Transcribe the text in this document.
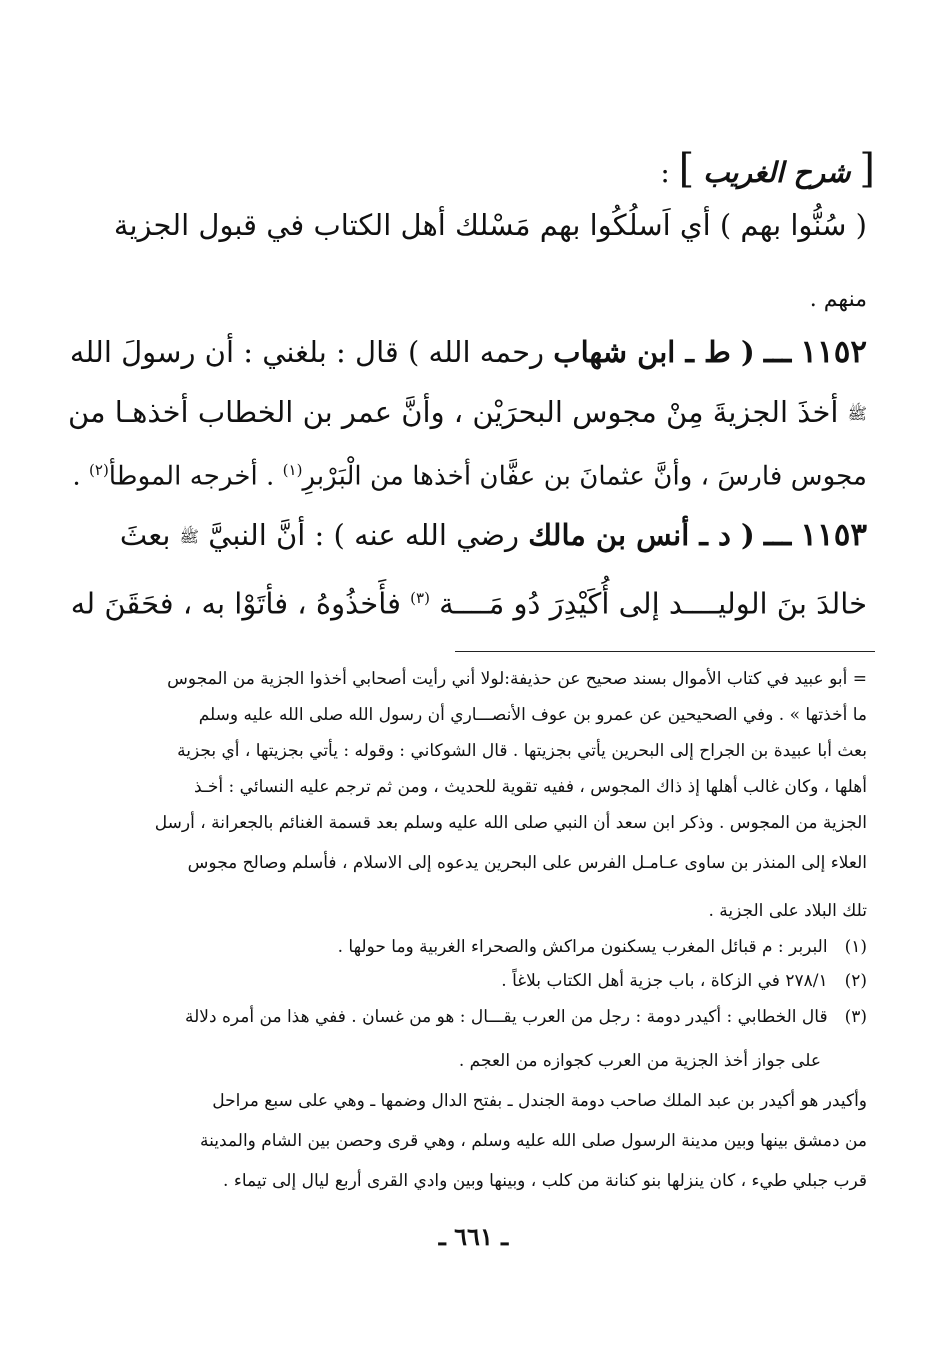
[ شرح الغريب ] :
( سُنُّوا بهم ) أي اَسلُكُوا بهم مَسْلك أهل الكتاب في قبول الجزية
منهم .
١١٥٢ ـــ ( ط ـ ابن شهاب رحمه الله ) قال : بلغني : أن رسولَ الله
ﷺ أخذَ الجزيةَ مِنْ مجوس البحرَيْن ، وأنَّ عمر بن الخطاب أخذهـا من
مجوس فارسَ ، وأنَّ عثمانَ بن عفَّان أخذها من الْبَرْبرِ$^{(١)}$ . أخرجه الموطأ$^{(٢)}$ .
١١٥٣ ـــ ( د ـ أنس بن مالك رضي الله عنه ) : أنَّ النبيَّ ﷺ بعثَ
خالدَ بنَ الوليــــد إلى أُكَيْدِرَ دُو مَــــة $^{(٣)}$ فأَخذُوهُ ، فأتَوْا به ، فحَقَنَ له
= أبو عبيد في كتاب الأموال بسند صحيح عن حذيفة:لولا أني رأيت أصحابي أخذوا الجزية من المجوس
ما أخذتها » . وفي الصحيحين عن عمرو بن عوف الأنصـــاري أن رسول الله صلى الله عليه وسلم
بعث أبا عبيدة بن الجراح إلى البحرين يأتي بجزيتها . قال الشوكاني : وقوله : يأتي بجزيتها ، أي بجزية
أهلها ، وكان غالب أهلها إذ ذاك المجوس ، ففيه تقوية للحديث ، ومن ثم ترجم عليه النسائي : أخـذ
الجزية من المجوس . وذكر ابن سعد أن النبي صلى الله عليه وسلم بعد قسمة الغنائم بالجعرانة ، أرسل
العلاء إلى المنذر بن ساوى عـامـل الفرس على البحرين يدعوه إلى الاسلام ، فأسلم وصالح مجوس
تلك البلاد على الجزية .
(١) البربر : م قبائل المغرب يسكنون مراكش والصحراء الغربية وما حولها .
(٢) ٢٧٨/١ في الزكاة ، باب جزية أهل الكتاب بلاغاً .
(٣) قال الخطابي : أكيدر دومة : رجل من العرب يقـــال : هو من غسان . ففي هذا من أمره دلالة
على جواز أخذ الجزية من العرب كجوازه من العجم .
وأكيدر هو أكيدر بن عبد الملك صاحب دومة الجندل ـ بفتح الدال وضمها ـ وهي على سبع مراحل
من دمشق بينها وبين مدينة الرسول صلى الله عليه وسلم ، وهي قرى وحصن بين الشام والمدينة
قرب جبلي طيء ، كان ينزلها بنو كنانة من كلب ، وبينها وبين وادي القرى أربع ليال إلى تيماء .
ـ ٦٦١ ـ
